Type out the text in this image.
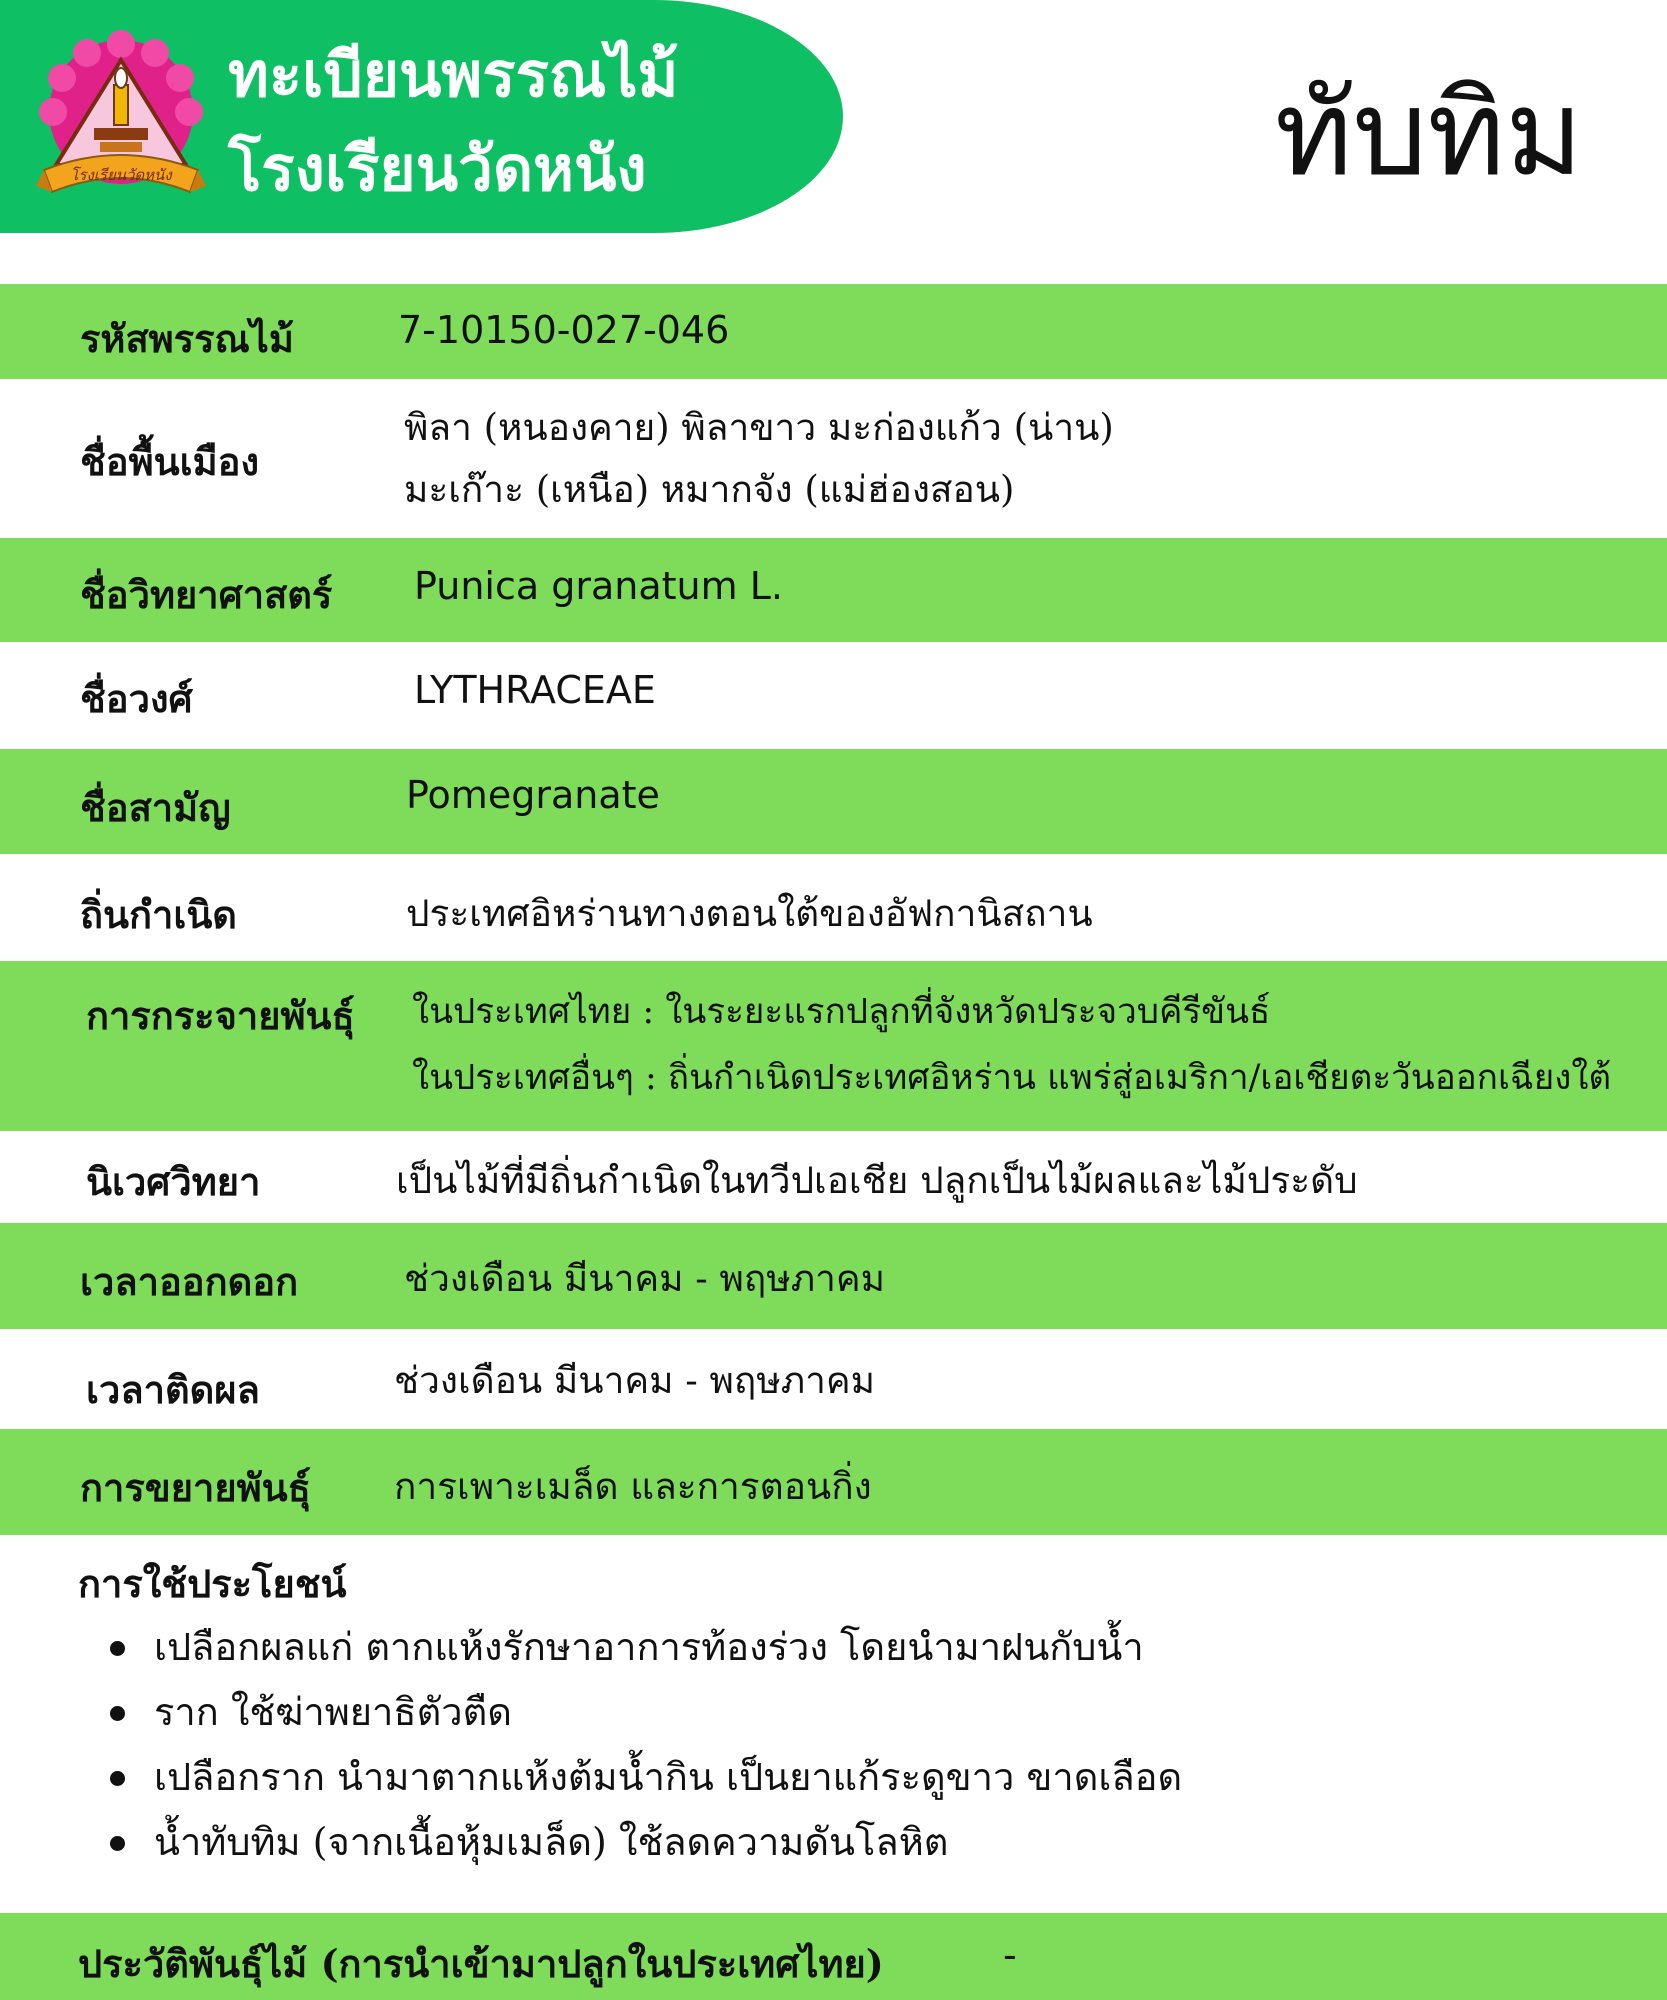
โรงเรียนวัดหนัง
ทะเบียนพรรณไม้
โรงเรียนวัดหนัง	ทับทิม
รหัสพรรณไม้	7-10150-027-046
ชื่อพื้นเมือง
พิลา (หนองคาย) พิลาขาว มะก่องแก้ว (น่าน)
มะเก๊าะ (เหนือ) หมากจัง (แม่ฮ่องสอน)
ชื่อวิทยาศาสตร์ Punica granatum L.
ชื่อวงศ์	LYTHRACEAE
ชื่อสามัญ	Pomegranate
ถิ่นกำเนิด	ประเทศอิหร่านทางตอนใต้ของอัฟกานิสถาน
การกระจายพันธุ์ ในประเทศไทย : ในระยะแรกปลูกที่จังหวัดประจวบคีรีขันธ์
ในประเทศอื่นๆ : ถิ่นกำเนิดประเทศอิหร่าน แพร่สู่อเมริกา/เอเชียตะวันออกเฉียงใต้
นิเวศวิทยา	เป็นไม้ที่มีถิ่นกำเนิดในทวีปเอเชีย ปลูกเป็นไม้ผลและไม้ประดับ
เวลาออกดอก	ช่วงเดือน มีนาคม - พฤษภาคม
เวลาติดผล	ช่วงเดือน มีนาคม - พฤษภาคม
การขยายพันธุ์ การเพาะเมล็ด และการตอนกิ่ง
การใช้ประโยชน์
เปลือกผลแก่ ตากแห้งรักษาอาการท้องร่วง โดยนำมาฝนกับน้ำ
ราก ใช้ฆ่าพยาธิตัวตืด
เปลือกราก นำมาตากแห้งต้มน้ำกิน เป็นยาแก้ระดูขาว ขาดเลือด
น้ำทับทิม (จากเนื้อหุ้มเมล็ด) ใช้ลดความดันโลหิต
ประวัติพันธุ์ไม้ (การนำเข้ามาปลูกในประเทศไทย)	-
